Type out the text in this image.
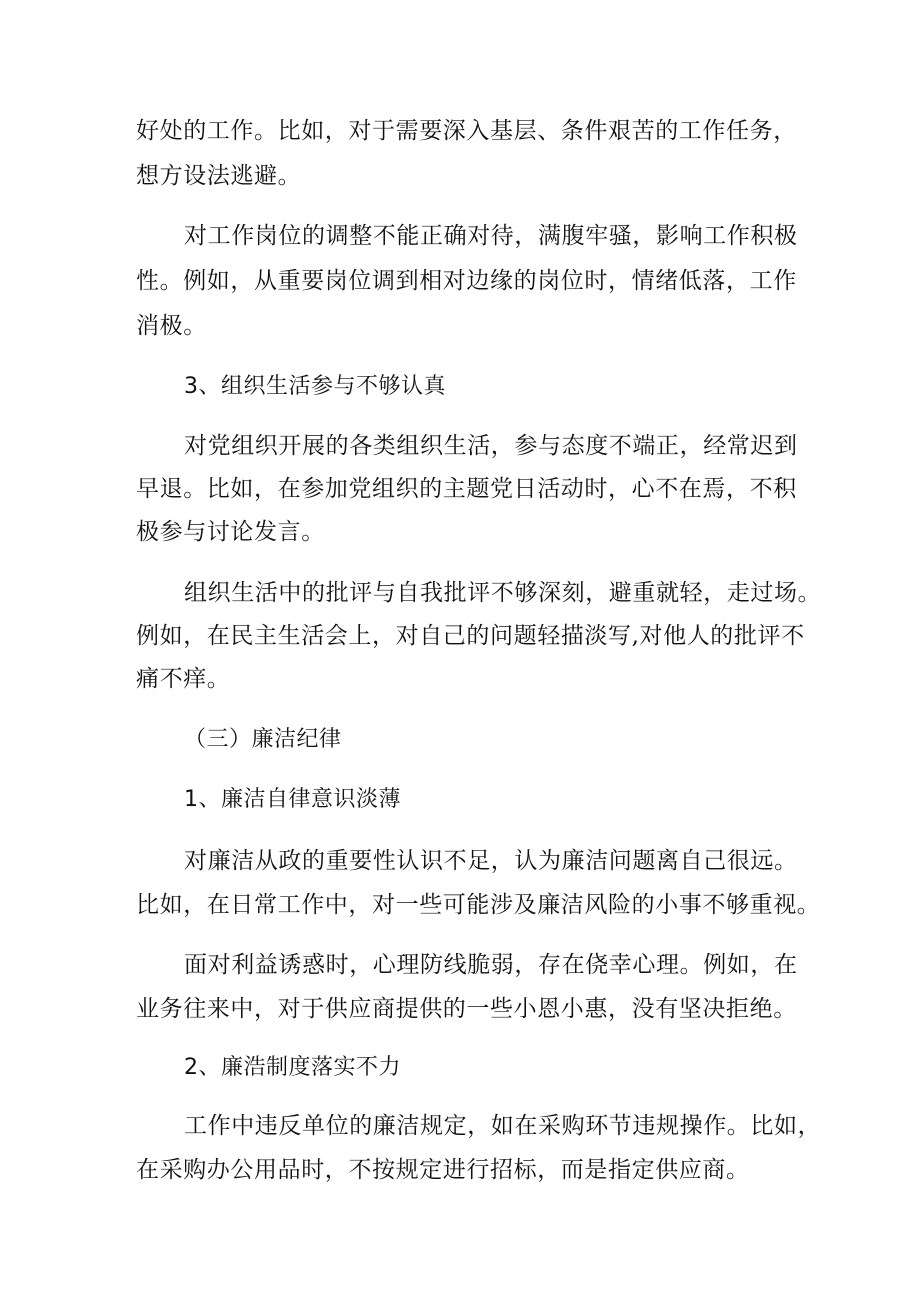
好处的工作。比如，对于需要深入基层、条件艰苦的工作任务，
想方设法逃避。
对工作岗位的调整不能正确对待，满腹牢骚，影响工作积极
性。例如，从重要岗位调到相对边缘的岗位时，情绪低落，工作
消极。
3、组织生活参与不够认真
对党组织开展的各类组织生活，参与态度不端正，经常迟到
早退。比如，在参加党组织的主题党日活动时，心不在焉，不积
极参与讨论发言。
组织生活中的批评与自我批评不够深刻，避重就轻，走过场。
例如，在民主生活会上，对自己的问题轻描淡写,对他人的批评不
痛不痒。
（三）廉洁纪律
1、廉洁自律意识淡薄
对廉洁从政的重要性认识不足，认为廉洁问题离自己很远。
比如，在日常工作中，对一些可能涉及廉洁风险的小事不够重视。
面对利益诱惑时，心理防线脆弱，存在侥幸心理。例如，在
业务往来中，对于供应商提供的一些小恩小惠，没有坚决拒绝。
2、廉浩制度落实不力
工作中违反单位的廉洁规定，如在采购环节违规操作。比如，
在采购办公用品时，不按规定进行招标，而是指定供应商。
